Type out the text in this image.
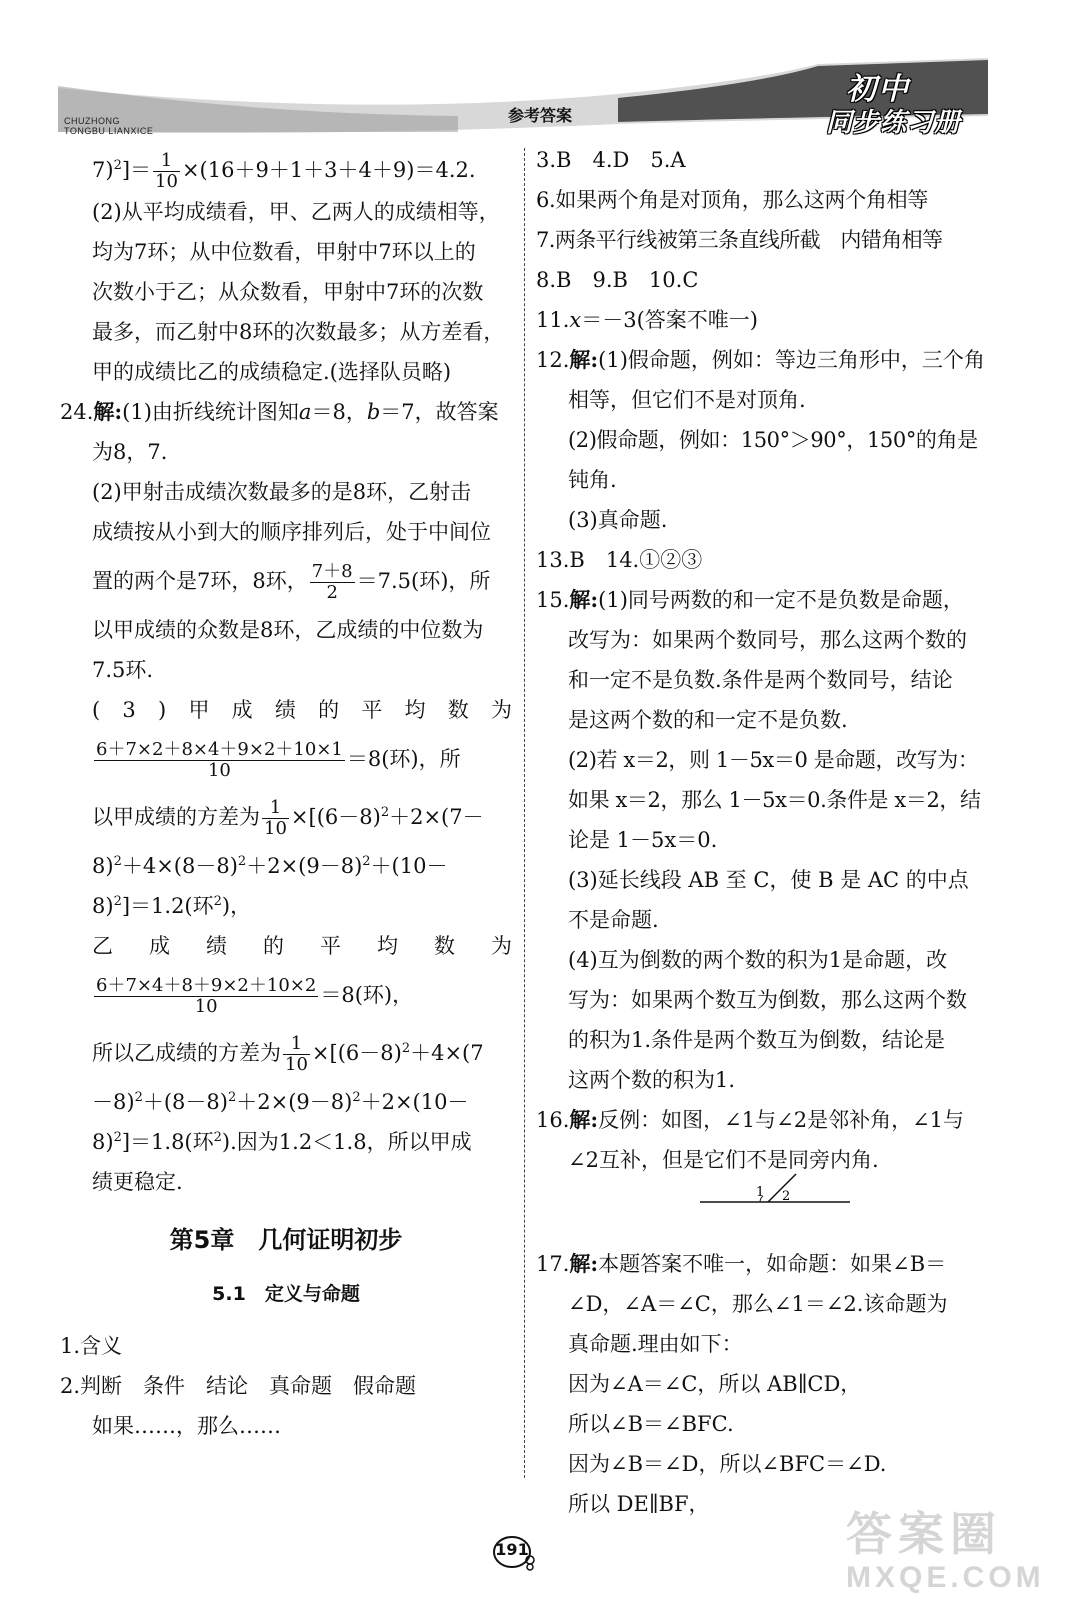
CHUZHONG
TONGBU LIANXICE
参考答案
初中
同步练习册
$7)^2]= \frac{1}{10} \times(16+9+1+3+4+9)=4.2$.
(2)从平均成绩看，甲、乙两人的成绩相等，
均为7环；从中位数看，甲射中7环以上的
次数小于乙；从众数看，甲射中7环的次数
最多，而乙射中8环的次数最多；从方差看，
甲的成绩比乙的成绩稳定.(选择队员略)
24.解:(1)由折线统计图知a＝8，b＝7，故答案
为8，7.
(2)甲射击成绩次数最多的是8环，乙射击
成绩按从小到大的顺序排列后，处于中间位
置的两个是7环，8环， $\frac{7+8}{2} =7.5$(环)，所
以甲成绩的众数是8环，乙成绩的中位数为
7.5环.
( 3 ) 甲 成 绩 的 平 均 数 为
$\frac{6+7\times 2+8\times 4+9\times 2+10\times 1}{10} =8$(环)，所
以甲成绩的方差为 $\frac{1}{10} \times[(6-8)^2+2\times(7-$
$8)^2+4\times(8-8)^2+2\times(9-8)^2+(10-$
8)$^2$]＝1.2(环$^2$)，
乙 成 绩 的 平 均 数 为
$\frac{6+7\times 4+8+9\times 2+10\times 2}{10} =8$(环)，
所以乙成绩的方差为 $\frac{1}{10} \times[(6-8)^2+4\times(7$
$-8)^2+(8-8)^2+2\times(9-8)^2+2\times(10-$
8)$^2$]＝1.8(环$^2$).因为1.2＜1.8，所以甲成
绩更稳定.
第5章　几何证明初步
5.1　定义与命题
1.含义
2.判断　 条件　 结论　 真命题　 假命题
如果……，那么……
3.B　4.D　5.A
6.如果两个角是对顶角，那么这两个角相等
7.两条平行线被第三条直线所截　内错角相等
8.B　9.B　10.C
11.x＝－3(答案不唯一)
12.解:(1)假命题，例如：等边三角形中，三个角
相等，但它们不是对顶角.
(2)假命题，例如：150°＞90°，150°的角是
钝角.
(3)真命题.
13.B　14.①②③
15.解:(1)同号两数的和一定不是负数是命题，
改写为：如果两个数同号，那么这两个数的
和一定不是负数.条件是两个数同号，结论
是这两个数的和一定不是负数.
(2)若 x＝2，则 1－5x＝0 是命题，改写为：
如果 x＝2，那么 1－5x＝0.条件是 x＝2，结
论是 1－5x＝0.
(3)延长线段 AB 至 C，使 B 是 AC 的中点
不是命题.
(4)互为倒数的两个数的积为1是命题，改
写为：如果两个数互为倒数，那么这两个数
的积为1.条件是两个数互为倒数，结论是
这两个数的积为1.
16.解:反例：如图，∠1与∠2是邻补角，∠1与
∠2互补，但是它们不是同旁内角.
17.解:本题答案不唯一，如命题：如果∠B＝
∠D，∠A＝∠C，那么∠1＝∠2.该命题为
真命题.理由如下：
因为∠A＝∠C，所以 AB∥CD，
所以∠B＝∠BFC.
因为∠B＝∠D，所以∠BFC＝∠D.
所以 DE∥BF，
1 2
191	答案圈
MXQE.COM
